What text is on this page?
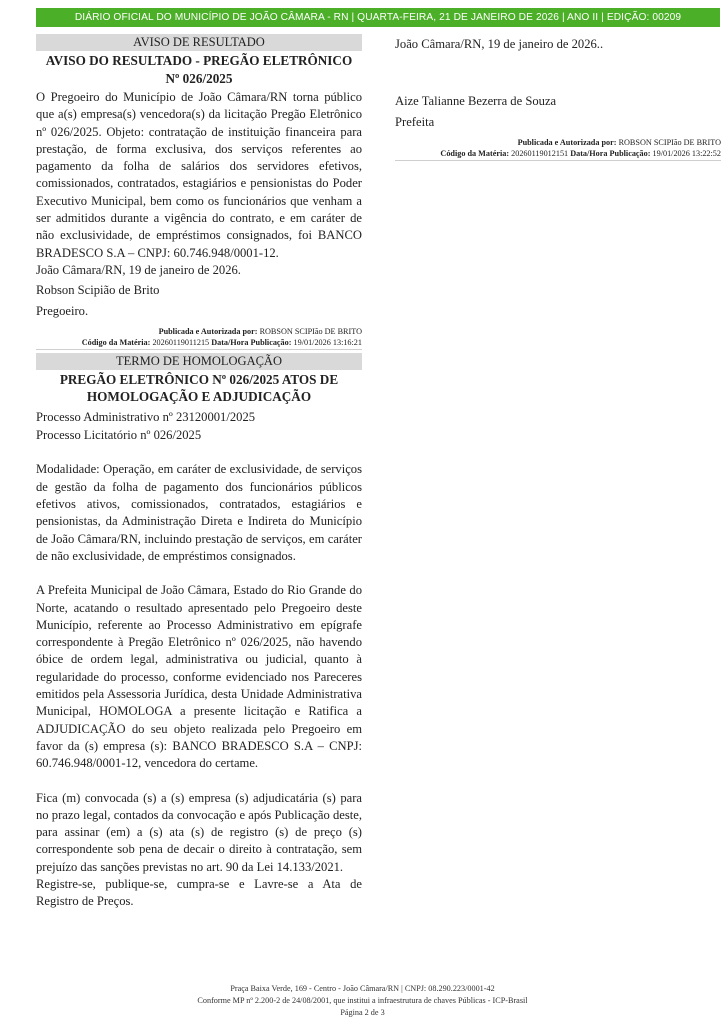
DIÁRIO OFICIAL DO MUNICÍPIO DE JOÃO CÂMARA - RN | QUARTA-FEIRA, 21 DE JANEIRO DE 2026 | ANO II | EDIÇÃO: 00209
AVISO DE RESULTADO
AVISO DO RESULTADO - PREGÃO ELETRÔNICO Nº 026/2025

O Pregoeiro do Município de João Câmara/RN torna público que a(s) empresa(s) vencedora(s) da licitação Pregão Eletrônico nº 026/2025. Objeto: contratação de instituição financeira para prestação, de forma exclusiva, dos serviços referentes ao pagamento da folha de salários dos servidores efetivos, comissionados, contratados, estagiários e pensionistas do Poder Executivo Municipal, bem como os funcionários que venham a ser admitidos durante a vigência do contrato, e em caráter de não exclusividade, de empréstimos consignados, foi BANCO BRADESCO S.A – CNPJ: 60.746.948/0001-12.

João Câmara/RN, 19 de janeiro de 2026.

Robson Scipião de Brito

Pregoeiro.

Publicada e Autorizada por: ROBSON SCIPIão DE BRITO
Código da Matéria: 20260119011215 Data/Hora Publicação: 19/01/2026 13:16:21
TERMO DE HOMOLOGAÇÃO
PREGÃO ELETRÔNICO Nº 026/2025 ATOS DE HOMOLOGAÇÃO E ADJUDICAÇÃO

Processo Administrativo nº 23120001/2025

Processo Licitatório nº 026/2025

Modalidade: Operação, em caráter de exclusividade, de serviços de gestão da folha de pagamento dos funcionários públicos efetivos ativos, comissionados, contratados, estagiários e pensionistas, da Administração Direta e Indireta do Município de João Câmara/RN, incluindo prestação de serviços, em caráter de não exclusividade, de empréstimos consignados.

A Prefeita Municipal de João Câmara, Estado do Rio Grande do Norte, acatando o resultado apresentado pelo Pregoeiro deste Município, referente ao Processo Administrativo em epígrafe correspondente à Pregão Eletrônico nº 026/2025, não havendo óbice de ordem legal, administrativa ou judicial, quanto à regularidade do processo, conforme evidenciado nos Pareceres emitidos pela Assessoria Jurídica, desta Unidade Administrativa Municipal, HOMOLOGA a presente licitação e Ratifica a ADJUDICAÇÃO do seu objeto realizada pelo Pregoeiro em favor da (s) empresa (s): BANCO BRADESCO S.A – CNPJ: 60.746.948/0001-12, vencedora do certame.

Fica (m) convocada (s) a (s) empresa (s) adjudicatária (s) para no prazo legal, contados da convocação e após Publicação deste, para assinar (em) a (s) ata (s) de registro (s) de preço (s) correspondente sob pena de decair o direito à contratação, sem prejuízo das sanções previstas no art. 90 da Lei 14.133/2021.

Registre-se, publique-se, cumpra-se e Lavre-se a Ata de Registro de Preços.

João Câmara/RN, 19 de janeiro de 2026..

Aize Talianne Bezerra de Souza

Prefeita

Publicada e Autorizada por: ROBSON SCIPIão DE BRITO
Código da Matéria: 20260119012151 Data/Hora Publicação: 19/01/2026 13:22:52
Praça Baixa Verde, 169 - Centro - João Câmara/RN | CNPJ: 08.290.223/0001-42
Conforme MP nº 2.200-2 de 24/08/2001, que institui a infraestrutura de chaves Públicas - ICP-Brasil
Página 2 de 3
